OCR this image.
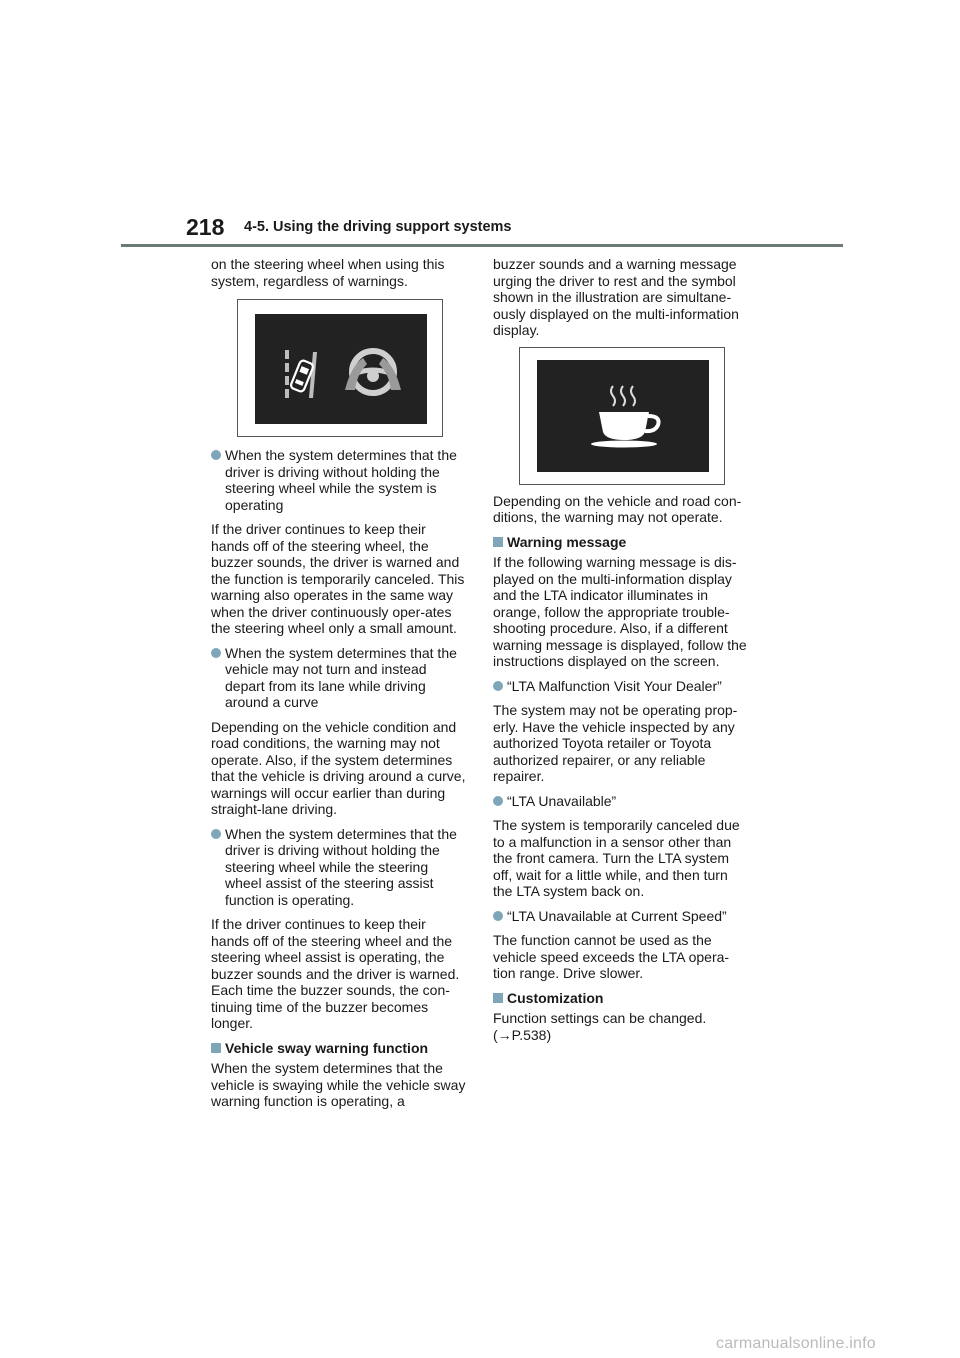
218 4-5. Using the driving support systems

on the steering wheel when using this system, regardless of warnings.

When the system determines that the driver is driving without holding the steering wheel while the system is operating

If the driver continues to keep their hands off of the steering wheel, the buzzer sounds, the driver is warned and the function is temporarily canceled. This warning also operates in the same way when the driver continuously oper-ates the steering wheel only a small amount.

When the system determines that the vehicle may not turn and instead depart from its lane while driving around a curve

Depending on the vehicle condition and road conditions, the warning may not operate. Also, if the system determines that the vehicle is driving around a curve, warnings will occur earlier than during straight-lane driving.

When the system determines that the driver is driving without holding the steering wheel while the steering wheel assist of the steering assist function is operating.

If the driver continues to keep their hands off of the steering wheel and the steering wheel assist is operating, the buzzer sounds and the driver is warned. Each time the buzzer sounds, the con-tinuing time of the buzzer becomes longer.

Vehicle sway warning function

When the system determines that the vehicle is swaying while the vehicle sway warning function is operating, a

buzzer sounds and a warning message urging the driver to rest and the symbol shown in the illustration are simultane-ously displayed on the multi-information display.

Depending on the vehicle and road con-ditions, the warning may not operate.

Warning message

If the following warning message is dis-played on the multi-information display and the LTA indicator illuminates in orange, follow the appropriate trouble-shooting procedure. Also, if a different warning message is displayed, follow the instructions displayed on the screen.

“LTA Malfunction Visit Your Dealer”

The system may not be operating prop-erly. Have the vehicle inspected by any authorized Toyota retailer or Toyota authorized repairer, or any reliable repairer.

“LTA Unavailable”

The system is temporarily canceled due to a malfunction in a sensor other than the front camera. Turn the LTA system off, wait for a little while, and then turn the LTA system back on.

“LTA Unavailable at Current Speed”

The function cannot be used as the vehicle speed exceeds the LTA opera-tion range. Drive slower.

Customization

Function settings can be changed.
(→P.538)

carmanualsonline.info
